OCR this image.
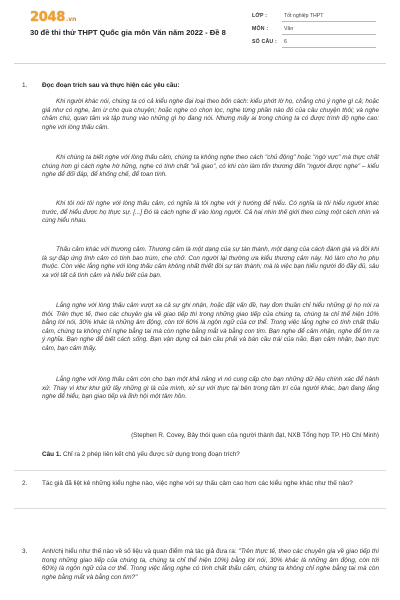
2048 .vn
30 đề thi thử THPT Quốc gia môn Văn năm 2022 - Đề 8
LỚP :	Tốt nghiệp THPT
MÔN :	Văn
SỐ CÂU :	6
1. Đọc đoạn trích sau và thực hiện các yêu cầu:

Khi người khác nói, chúng ta có cả kiểu nghe đại loại theo bốn cách: kiểu phớt lờ họ, chẳng chú ý nghe gì cả; hoặc giả như có nghe, ầm ừ cho qua chuyện; hoặc nghe có chọn lọc, nghe từng phần nào đó của câu chuyện thôi; và nghe chăm chú, quan tâm và tập trung vào những gì họ đang nói. Nhưng mấy ai trong chúng ta có được trình độ nghe cao: nghe với lòng thấu cảm.

Khi chúng ta biết nghe với lòng thấu cảm, chúng ta không nghe theo cách "chủ động" hoặc "ngờ vực" mà thực chất chúng hơn gì cách nghe hờ hững, nghe có tính chất "xã giao", có khi còn làm tổn thương đến "người được nghe" – kiểu nghe để đối đáp, để khống chế, để toan tính.

Khi tôi nói tôi nghe với lòng thấu cảm, có nghĩa là tôi nghe với ý hướng để hiểu. Có nghĩa là tôi hiểu người khác trước, để hiểu được họ thực sự. [...] Đó là cách nghe đi vào lòng người. Cả hai nhìn thế giới theo cùng một cách nhìn và cùng hiểu nhau.

Thấu cảm khác với thương cảm. Thương cảm là một dạng của sự tán thành, một dạng của cách đánh giá và đôi khi là sự đáp ứng tình cảm có tính bao trùm, che chở. Con người lại thường ưa kiểu thương cảm này. Nó làm cho họ phụ thuộc. Còn việc lắng nghe với lòng thấu cảm không nhất thiết đòi sự tán thành; mà là việc bạn hiểu người đó đầy đủ, sâu xa với tất cả tình cảm và hiểu biết của bạn.

Lắng nghe với lòng thấu cảm vượt xa cả sự ghi nhận, hoặc đặt vấn đề, hay đơn thuần chỉ hiểu những gì họ nói ra thôi. Trên thực tế, theo các chuyên gia về giao tiếp thì trong những giao tiếp của chúng ta, chúng ta chỉ thể hiện 10% bằng lời nói, 30% khác là những âm động, còn tới 60% là ngôn ngữ của cơ thể. Trong việc lắng nghe có tính chất thấu cảm, chúng ta không chỉ nghe bằng tai mà còn nghe bằng mắt và bằng con tim. Bạn nghe để cảm nhận, nghe để tìm ra ý nghĩa. Bạn nghe để biết cách sống. Bạn vận dụng cả bán cầu phải và bán cầu trái của não. Bạn cảm nhận, bạn trực cảm, bạn cảm thấy.

Lắng nghe với lòng thấu cảm còn cho bạn một khả năng vì nó cung cấp cho bạn những dữ liệu chính xác để hành xử. Thay vì khư khư giữ lấy những gì là của mình, xử sự với thực tại bên trong tâm trí của người khác, bạn đang lắng nghe để hiểu, bạn giao tiếp và lĩnh hội một tâm hồn.

(Stephen R. Covey, Bảy thói quen của người thành đạt, NXB Tổng hợp TP. Hồ Chí Minh)

Câu 1. Chỉ ra 2 phép liên kết chủ yếu được sử dụng trong đoạn trích?

2. Tác giả đã liệt kê những kiểu nghe nào, việc nghe với sự thấu cảm cao hơn các kiểu nghe khác như thế nào?

3. Anh/chị hiểu như thế nào về số liệu và quan điểm mà tác giả đưa ra: "Trên thực tế, theo các chuyên gia về giao tiếp thì trong những giao tiếp của chúng ta, chúng ta chỉ thể hiện 10%) bằng lời nói, 30% khác là những âm động, còn tới 60%) là ngôn ngữ của cơ thể. Trong việc lắng nghe có tính chất thấu cảm, chúng ta không chỉ nghe bằng tai mà còn nghe bằng mắt và bằng con tim?"
